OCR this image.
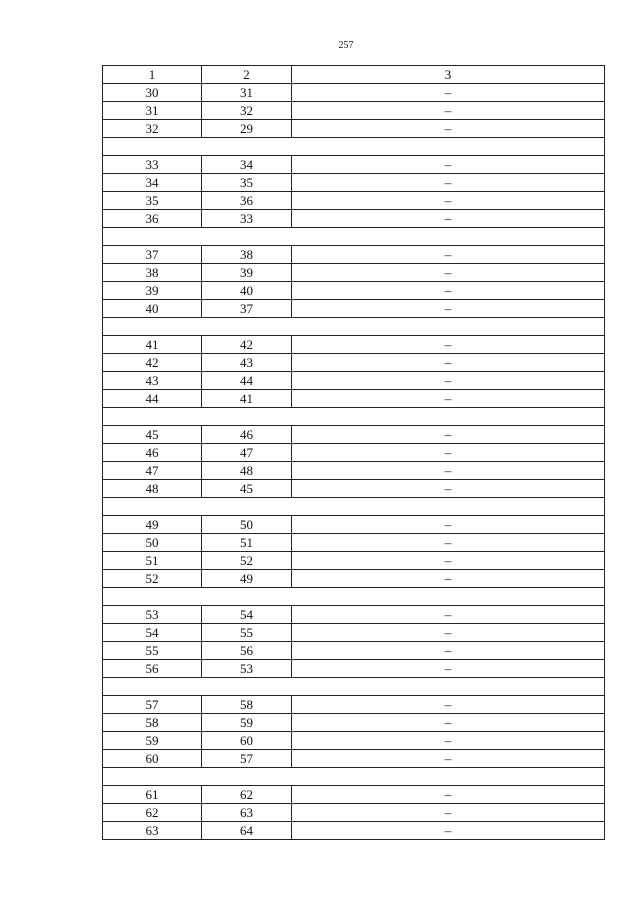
257
1	2	3
30	31	–
31	32	–
32	29	–

33	34	–
34	35	–
35	36	–
36	33	–

37	38	–
38	39	–
39	40	–
40	37	–

41	42	–
42	43	–
43	44	–
44	41	–

45	46	–
46	47	–
47	48	–
48	45	–

49	50	–
50	51	–
51	52	–
52	49	–

53	54	–
54	55	–
55	56	–
56	53	–

57	58	–
58	59	–
59	60	–
60	57	–

61	62	–
62	63	–
63	64	–
